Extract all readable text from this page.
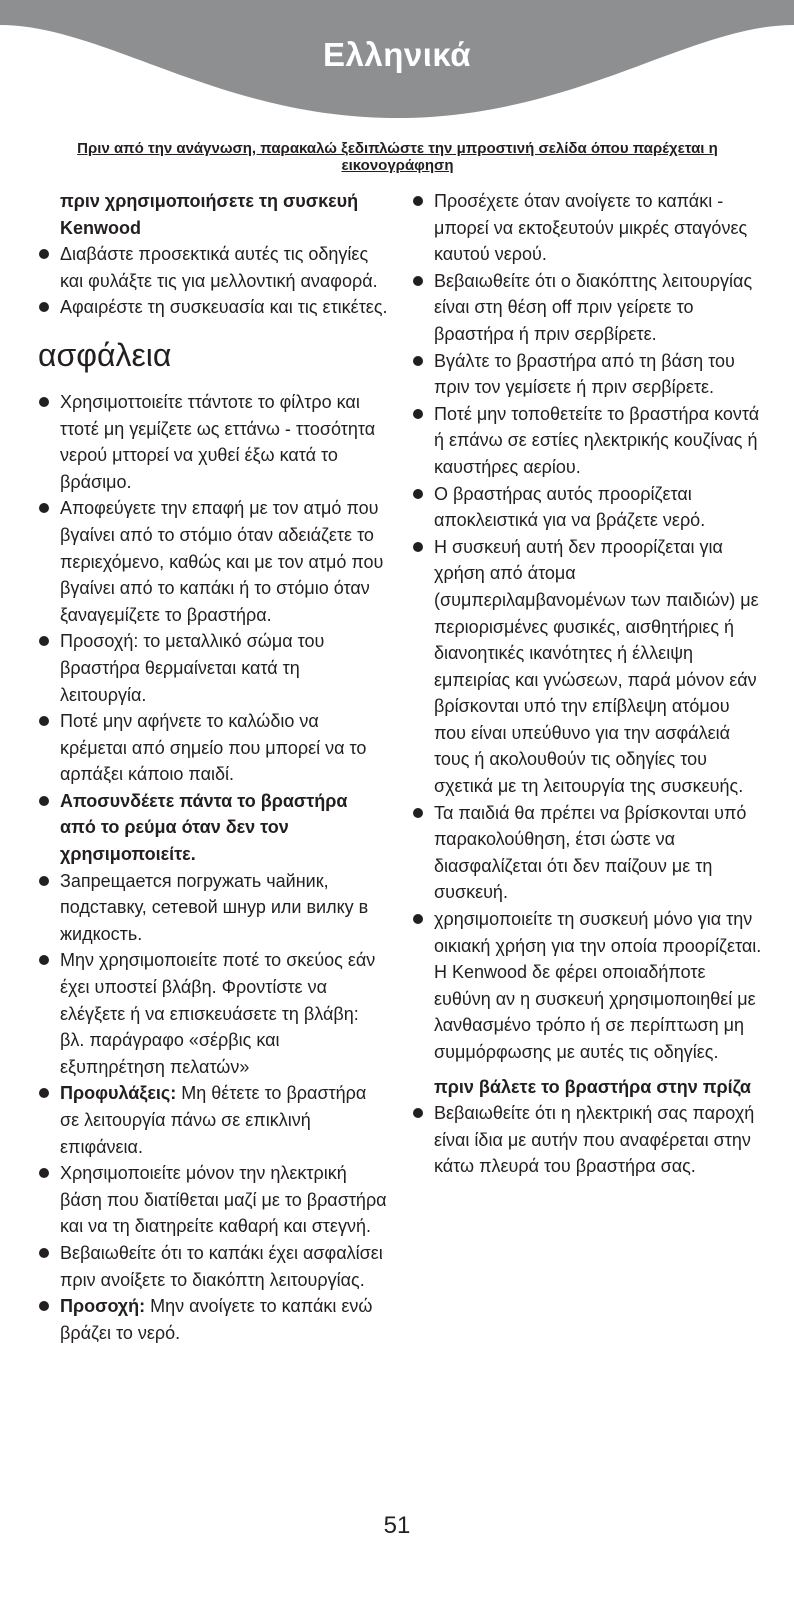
Ελληνικά
Πριν από την ανάγνωση, παρακαλώ ξεδιπλώστε την μπροστινή σελίδα όπου παρέχεται η εικονογράφηση

πριν χρησιμοποιήσετε τη συσκευή Kenwood

Διαβάστε προσεκτικά αυτές τις οδηγίες και φυλάξτε τις για μελλοντική αναφορά.
Αφαιρέστε τη συσκευασία και τις ετικέτες.
ασφάλεια
Χρησιμοττοιείτε ττάντοτε το φίλτρο και ττοτέ μη γεμίζετε ως εττάνω - ττοσότητα νερού μττορεί να χυθεί έξω κατά το βράσιμο.
Αποφεύγετε την επαφή με τον ατμό που βγαίνει από το στόμιο όταν αδειάζετε το περιεχόμενο, καθώς και με τον ατμό που βγαίνει από το καπάκι ή το στόμιο όταν ξαναγεμίζετε το βραστήρα.
Προσοχή: το μεταλλικό σώμα του βραστήρα θερμαίνεται κατά τη λειτουργία.
Ποτέ μην αφήνετε το καλώδιο να κρέμεται από σημείο που μπορεί να το αρπάξει κάποιο παιδί.
Αποσυνδέετε πάντα το βραστήρα από το ρεύμα όταν δεν τον χρησιμοποιείτε.
Запрещается погружать чайник, подставку, сетевой шнур или вилку в жидкость.
Μην χρησιμοποιείτε ποτέ το σκεύος εάν έχει υποστεί βλάβη. Φροντίστε να ελέγξετε ή να επισκευάσετε τη βλάβη: βλ. παράγραφο «σέρβις και εξυπηρέτηση πελατών»
Προφυλάξεις: Μη θέτετε το βραστήρα σε λειτουργία πάνω σε επικλινή επιφάνεια.
Χρησιμοποιείτε μόνον την ηλεκτρική βάση που διατίθεται μαζί με το βραστήρα και να τη διατηρείτε καθαρή και στεγνή.
Βεβαιωθείτε ότι το καπάκι έχει ασφαλίσει πριν ανοίξετε το διακόπτη λειτουργίας.
Προσοχή: Μην ανοίγετε το καπάκι ενώ βράζει το νερό.
Προσέχετε όταν ανοίγετε το καπάκι - μπορεί να εκτοξευτούν μικρές σταγόνες καυτού νερού.
Βεβαιωθείτε ότι ο διακόπτης λειτουργίας είναι στη θέση off πριν γείρετε το βραστήρα ή πριν σερβίρετε.
Βγάλτε το βραστήρα από τη βάση του πριν τον γεμίσετε ή πριν σερβίρετε.
Ποτέ μην τοποθετείτε το βραστήρα κοντά ή επάνω σε εστίες ηλεκτρικής κουζίνας ή καυστήρες αερίου.
Ο βραστήρας αυτός προορίζεται αποκλειστικά για να βράζετε νερό.
Η συσκευή αυτή δεν προορίζεται για χρήση από άτομα (συμπεριλαμβανομένων των παιδιών) με περιορισμένες φυσικές, αισθητήριες ή διανοητικές ικανότητες ή έλλειψη εμπειρίας και γνώσεων, παρά μόνον εάν βρίσκονται υπό την επίβλεψη ατόμου που είναι υπεύθυνο για την ασφάλειά τους ή ακολουθούν τις οδηγίες του σχετικά με τη λειτουργία της συσκευής.
Τα παιδιά θα πρέπει να βρίσκονται υπό παρακολούθηση, έτσι ώστε να διασφαλίζεται ότι δεν παίζουν με τη συσκευή.
χρησιμοποιείτε τη συσκευή μόνο για την οικιακή χρήση για την οποία προορίζεται. Η Kenwood δε φέρει οποιαδήποτε ευθύνη αν η συσκευή χρησιμοποιηθεί με λανθασμένο τρόπο ή σε περίπτωση μη συμμόρφωσης με αυτές τις οδηγίες.

πριν βάλετε το βραστήρα στην πρίζα

Βεβαιωθείτε ότι η ηλεκτρική σας παροχή είναι ίδια με αυτήν που αναφέρεται στην κάτω πλευρά του βραστήρα σας.
51
